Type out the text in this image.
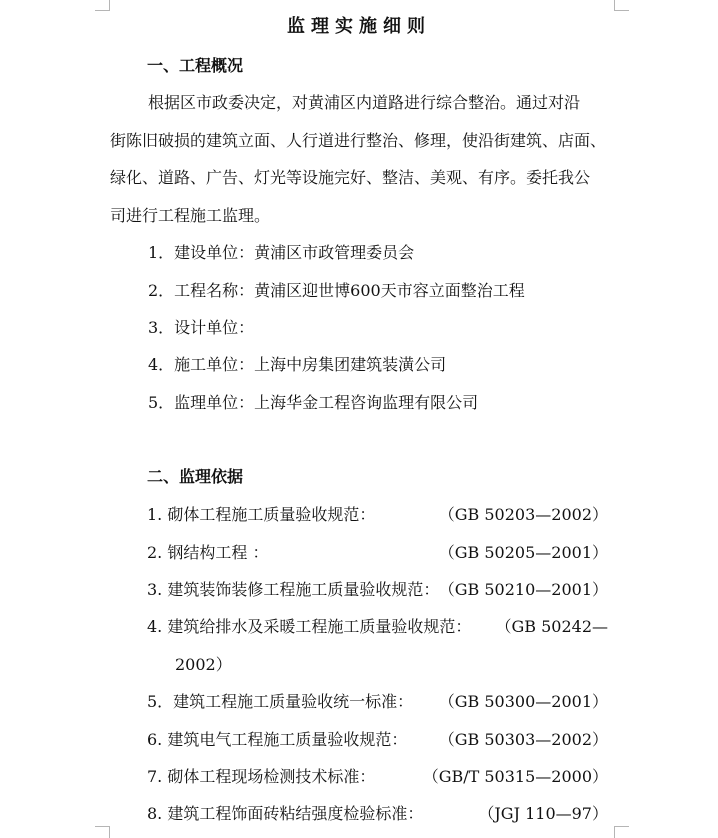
监理实施细则
一、工程概况
根据区市政委决定，对黄浦区内道路进行综合整治。通过对沿
街陈旧破损的建筑立面、人行道进行整治、修理，使沿街建筑、店面、
绿化、道路、广告、灯光等设施完好、整洁、美观、有序。委托我公
司进行工程施工监理。
1．建设单位：黄浦区市政管理委员会
2．工程名称：黄浦区迎世博600天市容立面整治工程
3．设计单位：
4．施工单位：上海中房集团建筑装潢公司
5．监理单位：上海华金工程咨询监理有限公司
二、监理依据
1. 砌体工程施工质量验收规范：	（GB 50203—2002）
2. 钢结构工程 ：	（GB 50205—2001）
3. 建筑装饰装修工程施工质量验收规范： （GB 50210—2001）
4. 建筑给排水及采暖工程施工质量验收规范： （GB 50242—
2002）
5．建筑工程施工质量验收统一标准： （GB 50300—2001）
6. 建筑电气工程施工质量验收规范： （GB 50303—2002）
7. 砌体工程现场检测技术标准：	（GB/T 50315—2000）
8. 建筑工程饰面砖粘结强度检验标准：	（JGJ 110—97）
